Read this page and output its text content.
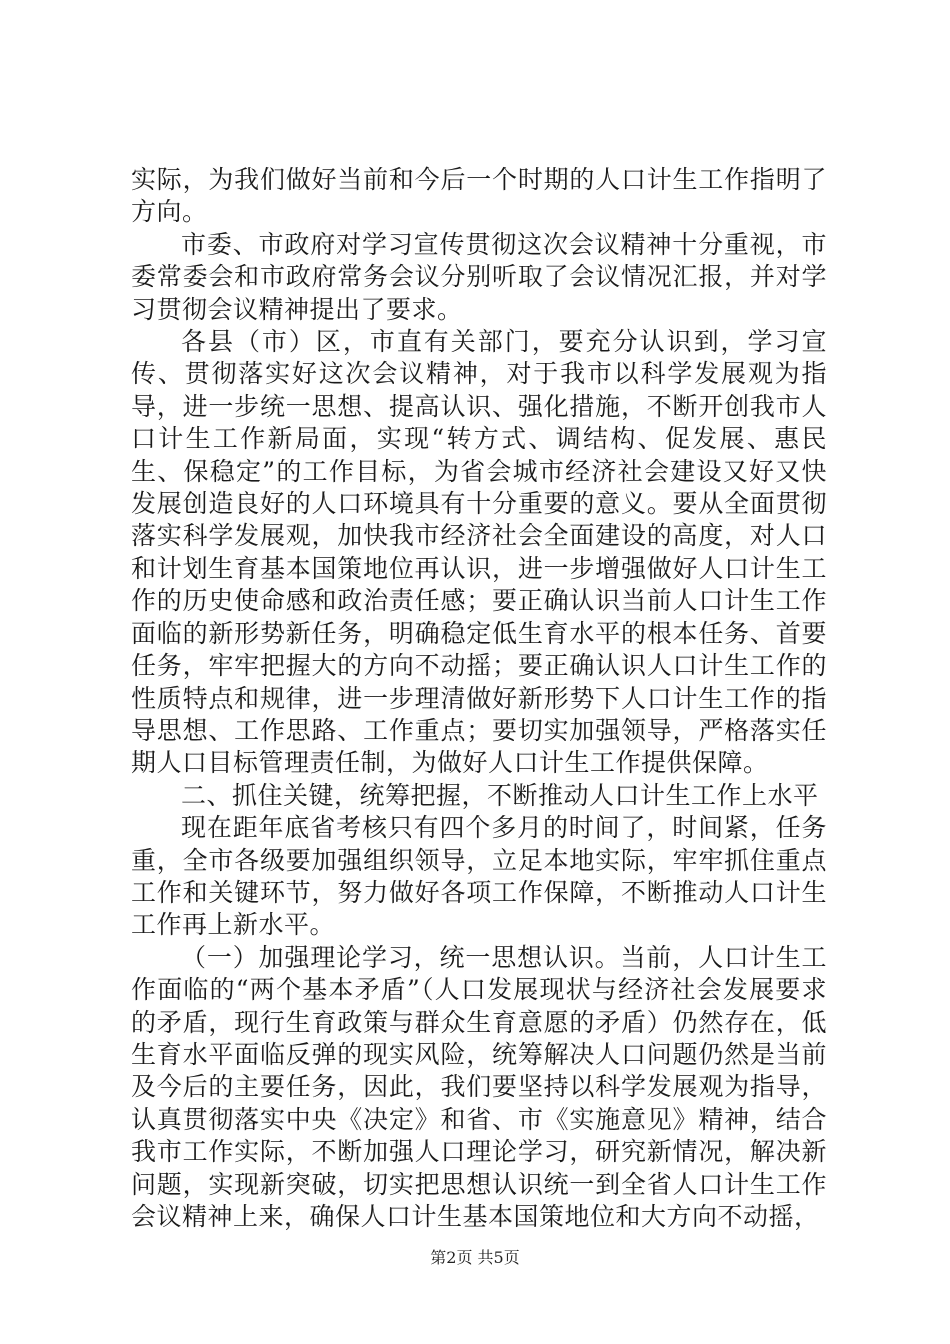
实际，为我们做好当前和今后一个时期的人口计生工作指明了方向。

市委、市政府对学习宣传贯彻这次会议精神十分重视，市委常委会和市政府常务会议分别听取了会议情况汇报，并对学习贯彻会议精神提出了要求。

各县（市）区，市直有关部门，要充分认识到，学习宣传、贯彻落实好这次会议精神，对于我市以科学发展观为指导，进一步统一思想、提高认识、强化措施，不断开创我市人口计生工作新局面，实现“转方式、调结构、促发展、惠民生、保稳定”的工作目标，为省会城市经济社会建设又好又快发展创造良好的人口环境具有十分重要的意义。要从全面贯彻落实科学发展观，加快我市经济社会全面建设的高度，对人口和计划生育基本国策地位再认识，进一步增强做好人口计生工作的历史使命感和政治责任感；要正确认识当前人口计生工作面临的新形势新任务，明确稳定低生育水平的根本任务、首要任务，牢牢把握大的方向不动摇；要正确认识人口计生工作的性质特点和规律，进一步理清做好新形势下人口计生工作的指导思想、工作思路、工作重点；要切实加强领导，严格落实任期人口目标管理责任制，为做好人口计生工作提供保障。

二、抓住关键，统筹把握，不断推动人口计生工作上水平

现在距年底省考核只有四个多月的时间了，时间紧，任务重，全市各级要加强组织领导，立足本地实际，牢牢抓住重点工作和关键环节，努力做好各项工作保障，不断推动人口计生工作再上新水平。

（一）加强理论学习，统一思想认识。当前，人口计生工作面临的“两个基本矛盾”（人口发展现状与经济社会发展要求的矛盾，现行生育政策与群众生育意愿的矛盾）仍然存在，低生育水平面临反弹的现实风险，统筹解决人口问题仍然是当前及今后的主要任务，因此，我们要坚持以科学发展观为指导，认真贯彻落实中央《决定》和省、市《实施意见》精神，结合我市工作实际，不断加强人口理论学习，研究新情况，解决新问题，实现新突破，切实把思想认识统一到全省人口计生工作会议精神上来，确保人口计生基本国策地位和大方向不动摇，

第2页 共5页
